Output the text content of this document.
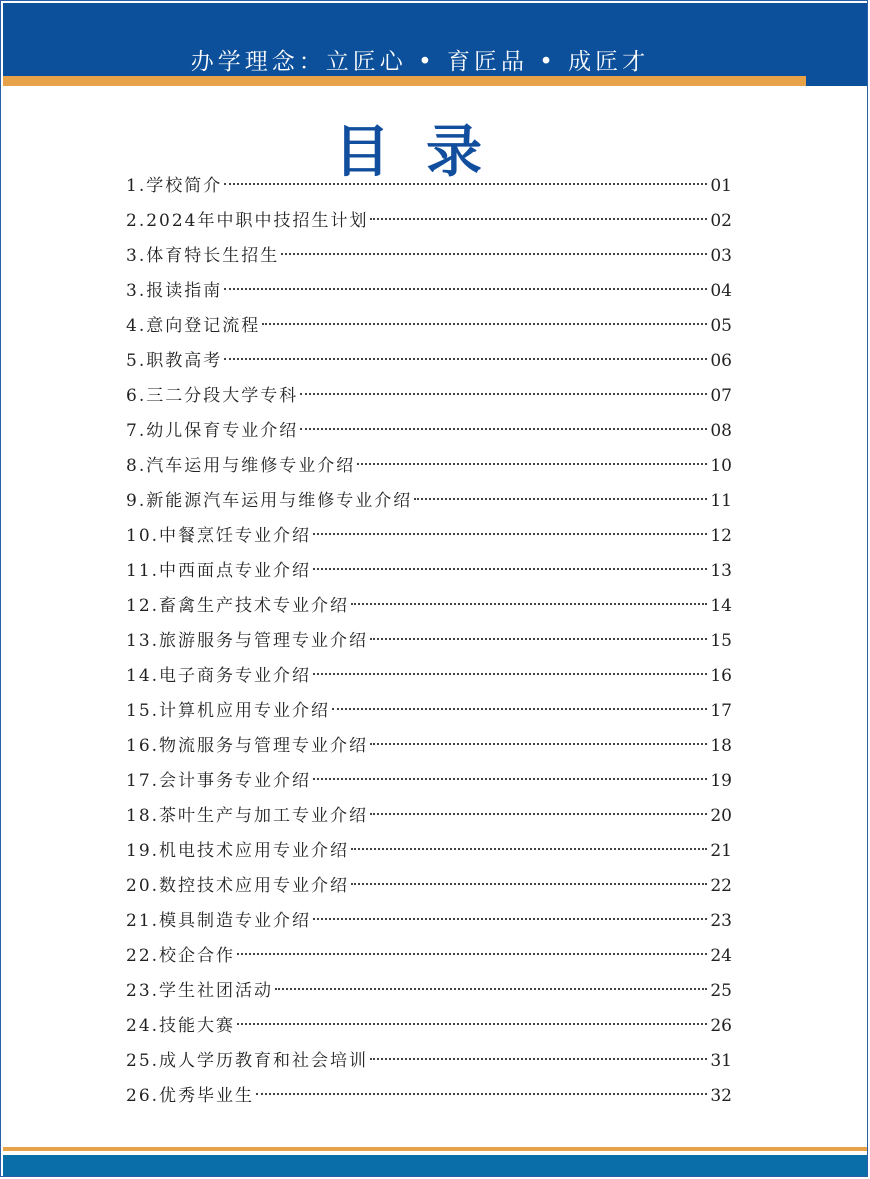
办学理念：立匠心 • 育匠品 • 成匠才
目录
1.学校简介	01
2.2024年中职中技招生计划	02
3.体育特长生招生	03
3.报读指南	04
4.意向登记流程	05
5.职教高考	06
6.三二分段大学专科	07
7.幼儿保育专业介绍	08
8.汽车运用与维修专业介绍	10
9.新能源汽车运用与维修专业介绍	11
10.中餐烹饪专业介绍	12
11.中西面点专业介绍	13
12.畜禽生产技术专业介绍	14
13.旅游服务与管理专业介绍	15
14.电子商务专业介绍	16
15.计算机应用专业介绍	17
16.物流服务与管理专业介绍	18
17.会计事务专业介绍	19
18.茶叶生产与加工专业介绍	20
19.机电技术应用专业介绍	21
20.数控技术应用专业介绍	22
21.模具制造专业介绍	23
22.校企合作	24
23.学生社团活动	25
24.技能大赛	26
25.成人学历教育和社会培训	31
26.优秀毕业生	32
